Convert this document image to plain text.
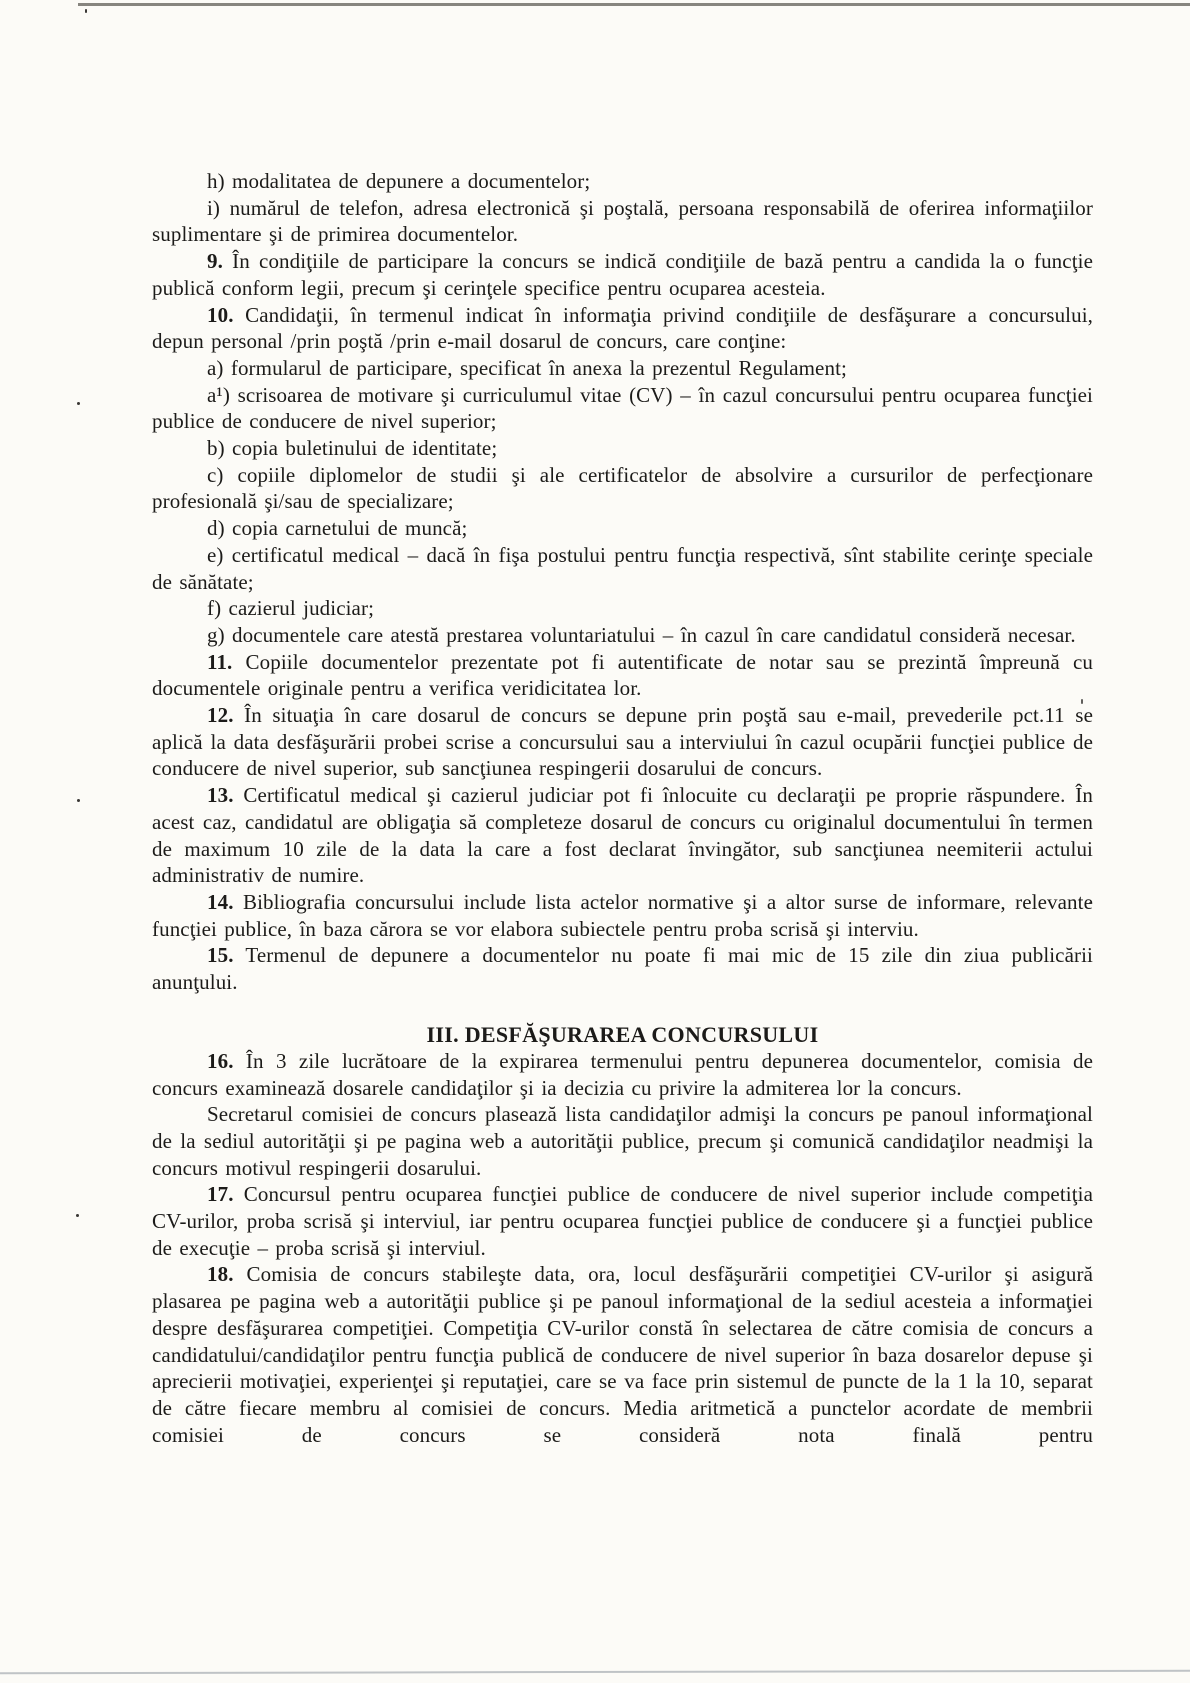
h) modalitatea de depunere a documentelor;

i) numărul de telefon, adresa electronică şi poştală, persoana responsabilă de oferirea informaţiilor suplimentare şi de primirea documentelor.

9. În condiţiile de participare la concurs se indică condiţiile de bază pentru a candida la o funcţie publică conform legii, precum şi cerinţele specifice pentru ocuparea acesteia.

10. Candidaţii, în termenul indicat în informaţia privind condiţiile de desfăşurare a concursului, depun personal /prin poştă /prin e-mail dosarul de concurs, care conţine:

a) formularul de participare, specificat în anexa la prezentul Regulament;

a¹) scrisoarea de motivare şi curriculumul vitae (CV) – în cazul concursului pentru ocuparea funcţiei publice de conducere de nivel superior;

b) copia buletinului de identitate;

c) copiile diplomelor de studii şi ale certificatelor de absolvire a cursurilor de perfecţionare profesională şi/sau de specializare;

d) copia carnetului de muncă;

e) certificatul medical – dacă în fişa postului pentru funcţia respectivă, sînt stabilite cerinţe speciale de sănătate;

f) cazierul judiciar;

g) documentele care atestă prestarea voluntariatului – în cazul în care candidatul consideră necesar.

11. Copiile documentelor prezentate pot fi autentificate de notar sau se prezintă împreună cu documentele originale pentru a verifica veridicitatea lor.

12. În situaţia în care dosarul de concurs se depune prin poştă sau e-mail, prevederile pct.11 se aplică la data desfăşurării probei scrise a concursului sau a interviului în cazul ocupării funcţiei publice de conducere de nivel superior, sub sancţiunea respingerii dosarului de concurs.

13. Certificatul medical şi cazierul judiciar pot fi înlocuite cu declaraţii pe proprie răspundere. În acest caz, candidatul are obligaţia să completeze dosarul de concurs cu originalul documentului în termen de maximum 10 zile de la data la care a fost declarat învingător, sub sancţiunea neemiterii actului administrativ de numire.

14. Bibliografia concursului include lista actelor normative şi a altor surse de informare, relevante funcţiei publice, în baza cărora se vor elabora subiectele pentru proba scrisă şi interviu.

15. Termenul de depunere a documentelor nu poate fi mai mic de 15 zile din ziua publicării anunţului.

III. DESFĂŞURAREA CONCURSULUI

16. În 3 zile lucrătoare de la expirarea termenului pentru depunerea documentelor, comisia de concurs examinează dosarele candidaţilor şi ia decizia cu privire la admiterea lor la concurs.

Secretarul comisiei de concurs plasează lista candidaţilor admişi la concurs pe panoul informaţional de la sediul autorităţii şi pe pagina web a autorităţii publice, precum şi comunică candidaţilor neadmişi la concurs motivul respingerii dosarului.

17. Concursul pentru ocuparea funcţiei publice de conducere de nivel superior include competiţia CV-urilor, proba scrisă şi interviul, iar pentru ocuparea funcţiei publice de conducere şi a funcţiei publice de execuţie – proba scrisă şi interviul.

18. Comisia de concurs stabileşte data, ora, locul desfăşurării competiţiei CV-urilor şi asigură plasarea pe pagina web a autorităţii publice şi pe panoul informaţional de la sediul acesteia a informaţiei despre desfăşurarea competiţiei. Competiţia CV-urilor constă în selectarea de către comisia de concurs a candidatului/candidaţilor pentru funcţia publică de conducere de nivel superior în baza dosarelor depuse şi aprecierii motivaţiei, experienţei şi reputaţiei, care se va face prin sistemul de puncte de la 1 la 10, separat de către fiecare membru al comisiei de concurs. Media aritmetică a punctelor acordate de membrii comisiei de concurs se consideră nota finală pentru
